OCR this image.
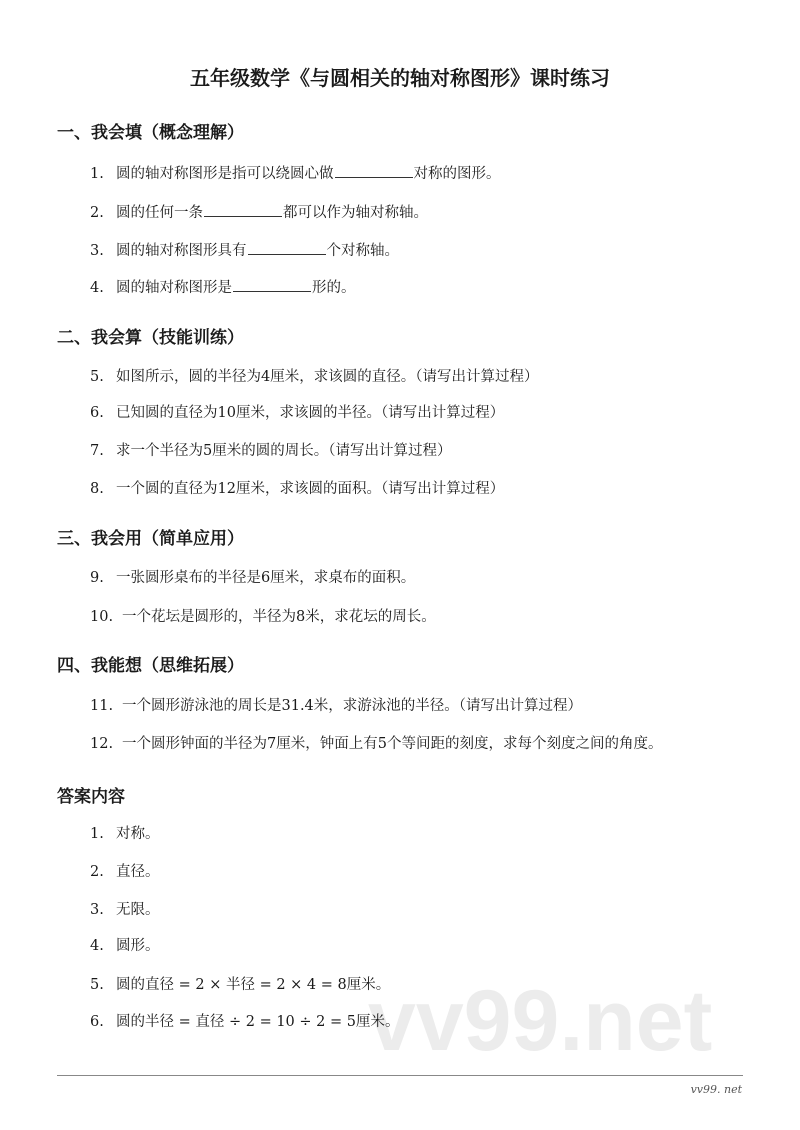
五年级数学《与圆相关的轴对称图形》课时练习
一、我会填（概念理解）
1. 圆的轴对称图形是指可以绕圆心做	对称的图形。
2. 圆的任何一条	都可以作为轴对称轴。
3. 圆的轴对称图形具有	个对称轴。
4. 圆的轴对称图形是	形的。
二、我会算（技能训练）
5. 如图所示，圆的半径为4厘米，求该圆的直径。（请写出计算过程）
6. 已知圆的直径为10厘米，求该圆的半径。（请写出计算过程）
7. 求一个半径为5厘米的圆的周长。（请写出计算过程）
8. 一个圆的直径为12厘米，求该圆的面积。（请写出计算过程）
三、我会用（简单应用）
9. 一张圆形桌布的半径是6厘米，求桌布的面积。
10. 一个花坛是圆形的，半径为8米，求花坛的周长。
四、我能想（思维拓展）
11. 一个圆形游泳池的周长是31.4米，求游泳池的半径。（请写出计算过程）
12. 一个圆形钟面的半径为7厘米，钟面上有5个等间距的刻度，求每个刻度之间的角度。
答案内容
1. 对称。
2. 直径。
3. 无限。
4. 圆形。
5. 圆的直径 = 2 × 半径 = 2 × 4 = 8厘米。
6. 圆的半径 = 直径 ÷ 2 = 10 ÷ 2 = 5厘米。
vv99.net
vv99. net
